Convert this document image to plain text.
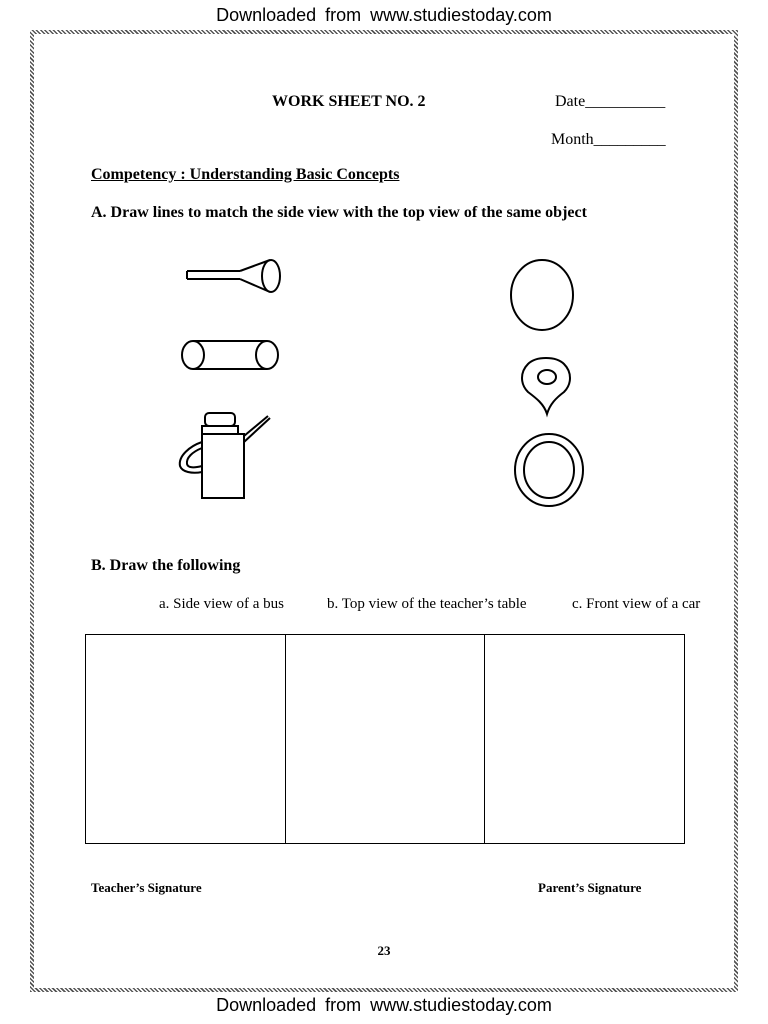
Downloaded from www.studiestoday.com
WORK SHEET NO. 2	Date__________
Month_________
Competency : Understanding Basic Concepts
A. Draw lines to match the side view with the top view of the same object
B. Draw the following
a. Side view of a bus	b. Top view of the teacher’s table	c. Front view of a car
Teacher’s Signature	Parent’s Signature
23
Downloaded from www.studiestoday.com
